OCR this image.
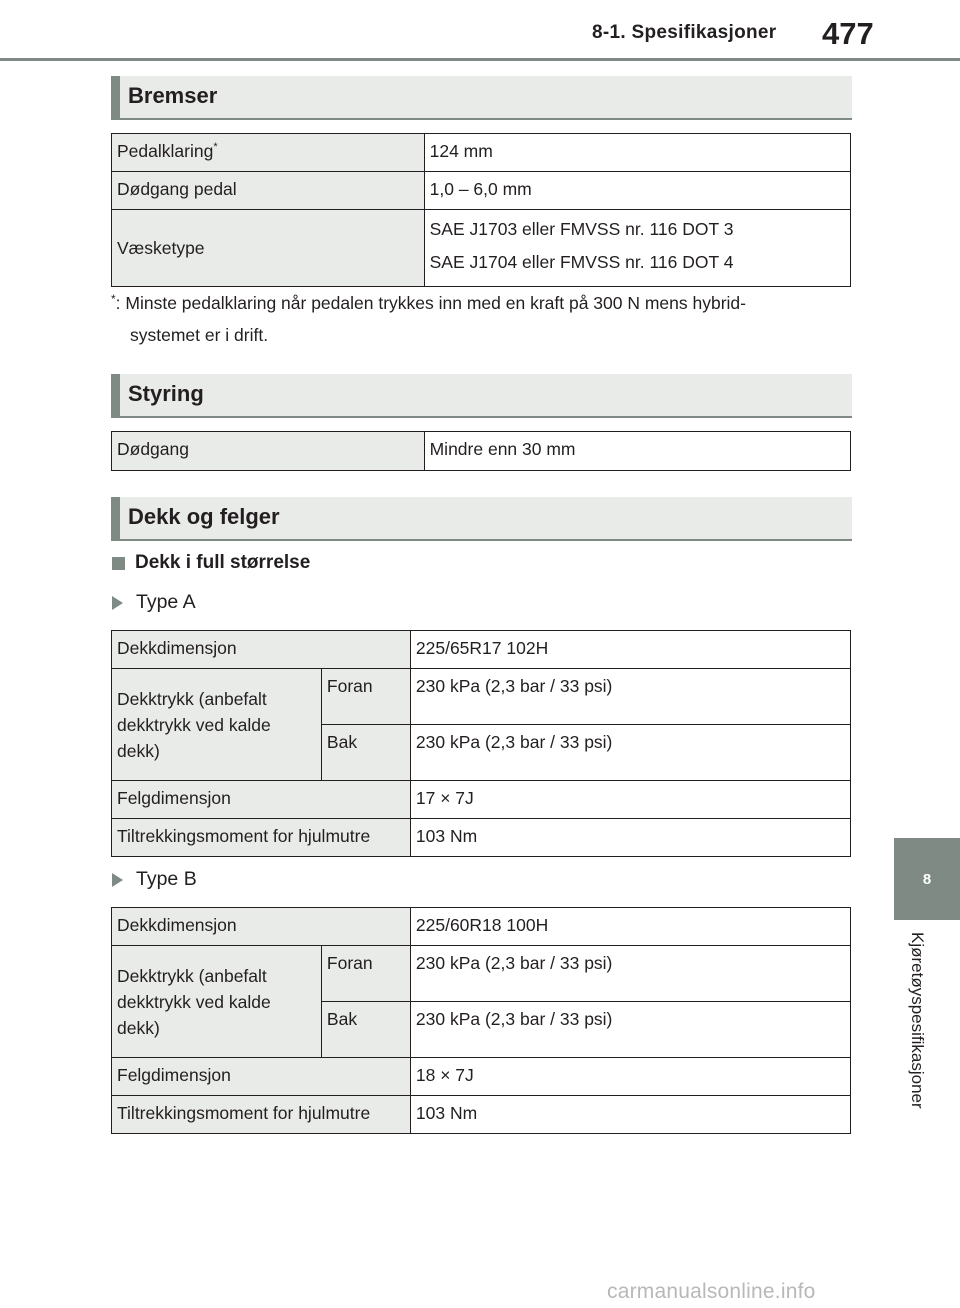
8-1. Spesifikasjoner 477
8
Kjøretøyspesifikasjoner
Bremser
Pedalklaring*	124 mm
Dødgang pedal	1,0 – 6,0 mm
Væsketype	SAE J1703 eller FMVSS nr. 116 DOT 3
SAE J1704 eller FMVSS nr. 116 DOT 4
*: Minste pedalklaring når pedalen trykkes inn med en kraft på 300 N mens hybrid-
systemet er i drift.
Styring
Dødgang	Mindre enn 30 mm
Dekk og felger
Dekk i full størrelse
Type A
Dekkdimensjon		225/65R17 102H
Dekktrykk (anbefalt dekktrykk ved kalde dekk)	Foran	230 kPa (2,3 bar / 33 psi)
	Bak	230 kPa (2,3 bar / 33 psi)
Felgdimensjon		17 × 7J
Tiltrekkingsmoment for hjulmutre		103 Nm
Type B
Dekkdimensjon		225/60R18 100H
Dekktrykk (anbefalt dekktrykk ved kalde dekk)	Foran	230 kPa (2,3 bar / 33 psi)
	Bak	230 kPa (2,3 bar / 33 psi)
Felgdimensjon		18 × 7J
Tiltrekkingsmoment for hjulmutre		103 Nm
carmanualsonline.info
